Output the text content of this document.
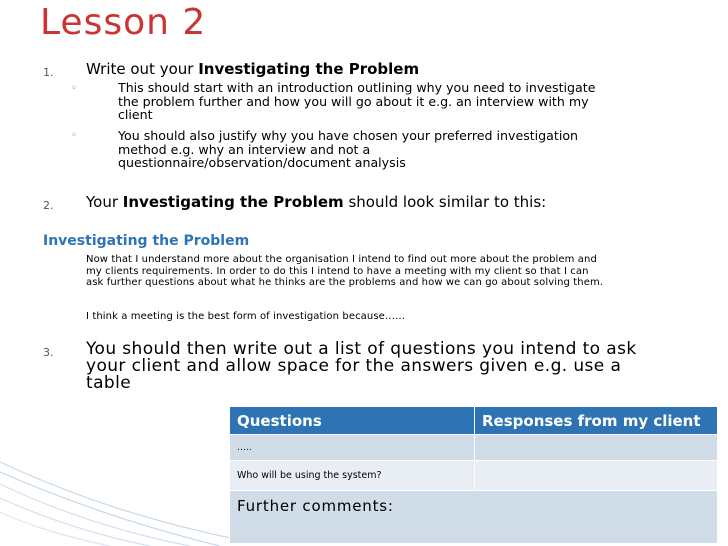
Lesson 2
1. Write out your Investigating the Problem
◦	This should start with an introduction outlining why you need to investigate
the problem further and how you will go about it e.g. an interview with my
client
◦	You should also justify why you have chosen your preferred investigation
method e.g. why an interview and not a
questionnaire/observation/document analysis
2. Your Investigating the Problem should look similar to this:
Investigating the Problem
Now that I understand more about the organisation I intend to find out more about the problem and
my clients requirements. In order to do this I intend to have a meeting with my client so that I can
ask further questions about what he thinks are the problems and how we can go about solving them.
I think a meeting is the best form of investigation because……
3. You should then write out a list of questions you intend to ask
your client and allow space for the answers given e.g. use a
table
Questions	Responses from my client
…..	
Who will be using the system?	
Further comments:	
